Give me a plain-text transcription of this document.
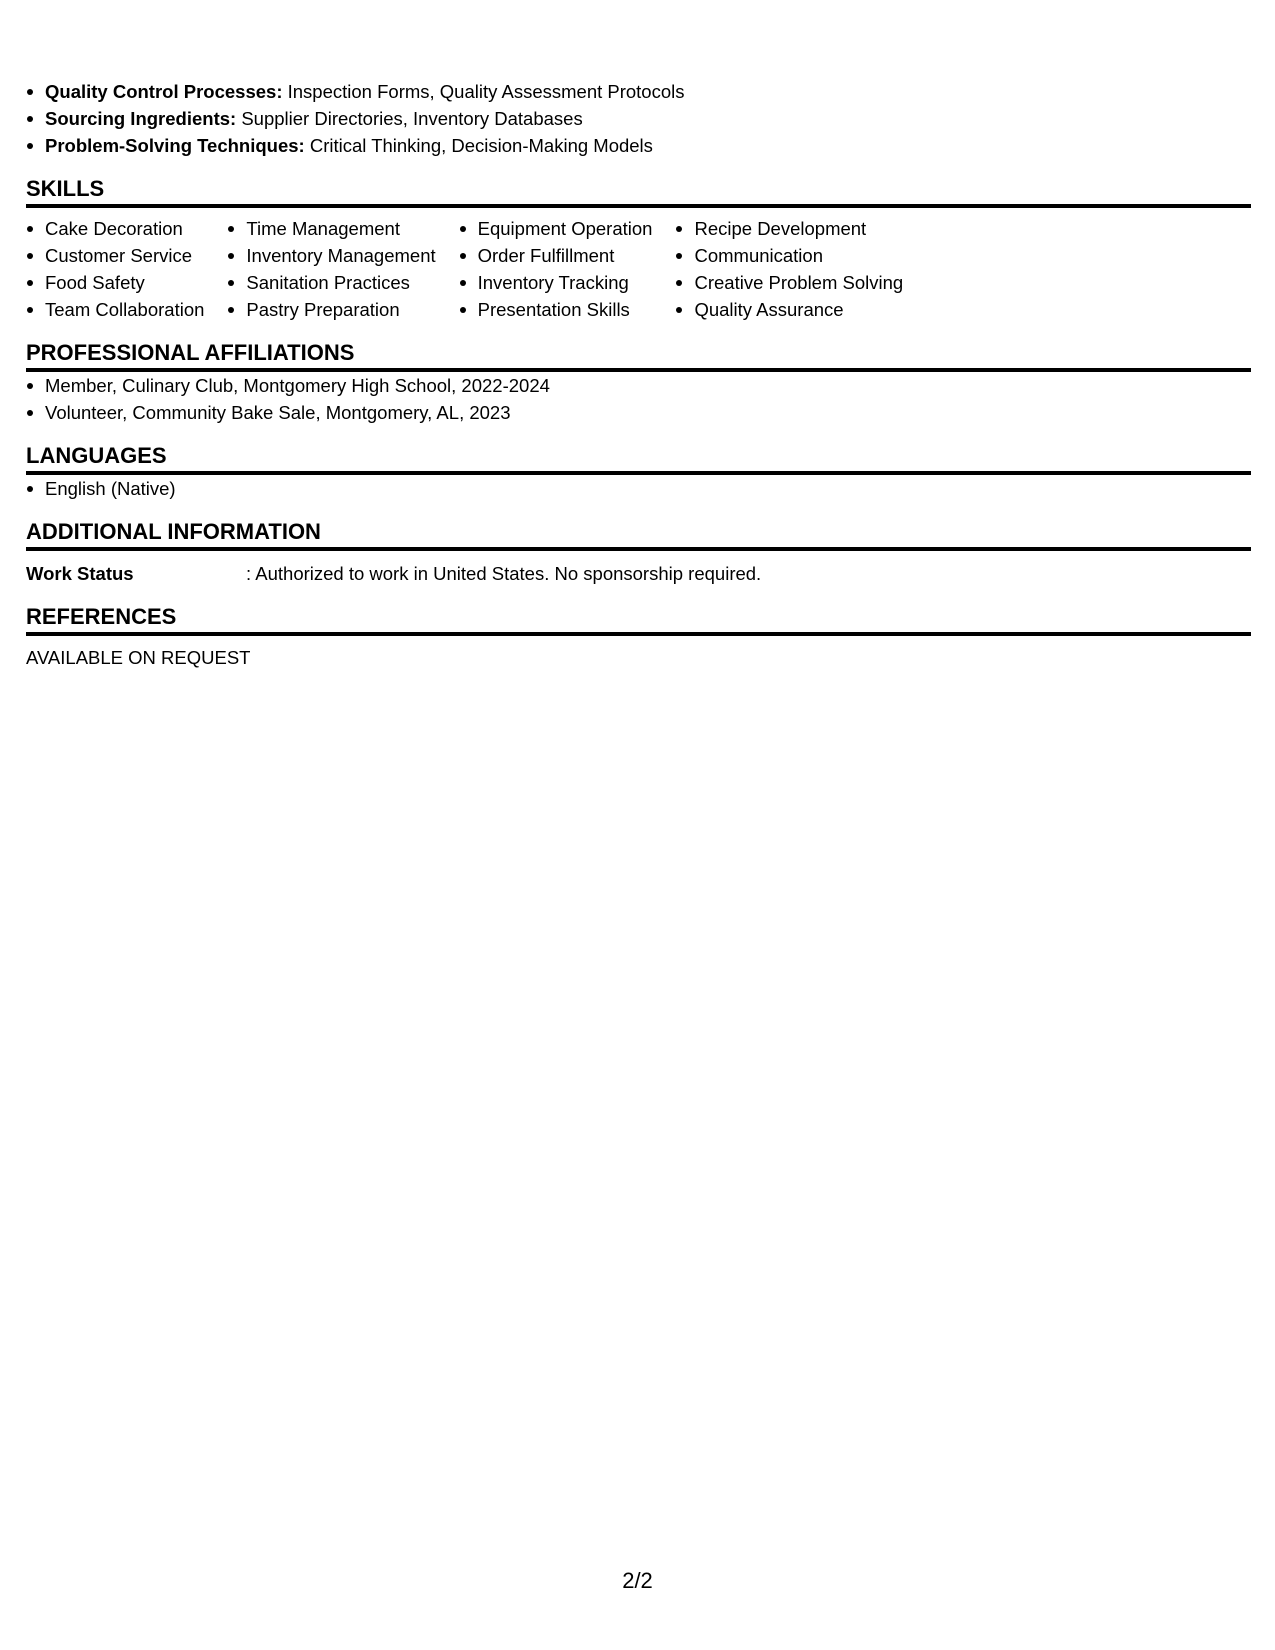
Quality Control Processes: Inspection Forms, Quality Assessment Protocols
Sourcing Ingredients: Supplier Directories, Inventory Databases
Problem-Solving Techniques: Critical Thinking, Decision-Making Models
SKILLS
Cake Decoration
Customer Service
Food Safety
Team Collaboration
Time Management
Inventory Management
Sanitation Practices
Pastry Preparation
Equipment Operation
Order Fulfillment
Inventory Tracking
Presentation Skills
Recipe Development
Communication
Creative Problem Solving
Quality Assurance
PROFESSIONAL AFFILIATIONS
Member, Culinary Club, Montgomery High School, 2022-2024
Volunteer, Community Bake Sale, Montgomery, AL, 2023
LANGUAGES
English (Native)
ADDITIONAL INFORMATION
Work Status	: Authorized to work in United States. No sponsorship required.
REFERENCES
AVAILABLE ON REQUEST
2/2
